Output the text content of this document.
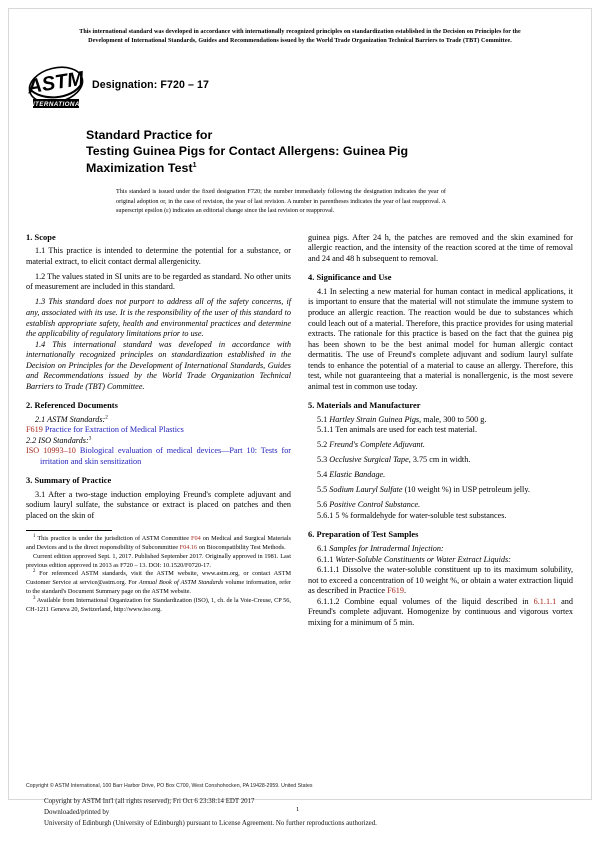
This international standard was developed in accordance with internationally recognized principles on standardization established in the Decision on Principles for the
Development of International Standards, Guides and Recommendations issued by the World Trade Organization Technical Barriers to Trade (TBT) Committee.
ASTM
INTERNATIONAL
Designation: F720 – 17
Standard Practice for
Testing Guinea Pigs for Contact Allergens: Guinea Pig
Maximization Test$^1$
This standard is issued under the fixed designation F720; the number immediately following the designation indicates the year of original adoption or, in the case of revision, the year of last revision. A number in parentheses indicates the year of last reapproval. A superscript epsilon (ε) indicates an editorial change since the last revision or reapproval.
1. Scope

1.1 This practice is intended to determine the potential for a substance, or material extract, to elicit contact dermal allergenicity.

1.2 The values stated in SI units are to be regarded as standard. No other units of measurement are included in this standard.

1.3 This standard does not purport to address all of the safety concerns, if any, associated with its use. It is the responsibility of the user of this standard to establish appropriate safety, health and environmental practices and determine the applicability of regulatory limitations prior to use.

1.4 This international standard was developed in accordance with internationally recognized principles on standardization established in the Decision on Principles for the Development of International Standards, Guides and Recommendations issued by the World Trade Organization Technical Barriers to Trade (TBT) Committee.

2. Referenced Documents

2.1 ASTM Standards:$^2$

F619 Practice for Extraction of Medical Plastics

2.2 ISO Standards:$^3$

ISO 10993–10 Biological evaluation of medical devices—Part 10: Tests for irritation and skin sensitization

3. Summary of Practice

3.1 After a two-stage induction employing Freund's complete adjuvant and sodium lauryl sulfate, the substance or extract is placed on patches and then placed on the skin of

$^1$ This practice is under the jurisdiction of ASTM Committee F04 on Medical and Surgical Materials and Devices and is the direct responsibility of Subcommittee F04.16 on Biocompatibility Test Methods.

Current edition approved Sept. 1, 2017. Published September 2017. Originally approved in 1981. Last previous edition approved in 2013 as F720 – 13. DOI: 10.1520/F0720-17.

$^2$ For referenced ASTM standards, visit the ASTM website, www.astm.org, or contact ASTM Customer Service at service@astm.org. For Annual Book of ASTM Standards volume information, refer to the standard's Document Summary page on the ASTM website.

$^3$ Available from International Organization for Standardization (ISO), 1, ch. de la Voie-Creuse, CP 56, CH-1211 Geneva 20, Switzerland, http://www.iso.org.

guinea pigs. After 24 h, the patches are removed and the skin examined for allergic reaction, and the intensity of the reaction scored at the time of removal and 24 and 48 h subsequent to removal.

4. Significance and Use

4.1 In selecting a new material for human contact in medical applications, it is important to ensure that the material will not stimulate the immune system to produce an allergic reaction. The reaction would be due to substances which could leach out of a material. Therefore, this practice provides for using material extracts. The rationale for this practice is based on the fact that the guinea pig has been shown to be the best animal model for human allergic contact dermatitis. The use of Freund's complete adjuvant and sodium lauryl sulfate tends to enhance the potential of a material to cause an allergy. Therefore, this test, while not guaranteeing that a material is nonallergenic, is the most severe animal test in common use today.

5. Materials and Manufacturer

5.1 Hartley Strain Guinea Pigs, male, 300 to 500 g.

5.1.1 Ten animals are used for each test material.

5.2 Freund's Complete Adjuvant.

5.3 Occlusive Surgical Tape, 3.75 cm in width.

5.4 Elastic Bandage.

5.5 Sodium Lauryl Sulfate (10 weight %) in USP petroleum jelly.

5.6 Positive Control Substance.

5.6.1 5 % formaldehyde for water-soluble test substances.

6. Preparation of Test Samples

6.1 Samples for Intradermal Injection:

6.1.1 Water-Soluble Constituents or Water Extract Liquids:

6.1.1.1 Dissolve the water-soluble constituent up to its maximum solubility, not to exceed a concentration of 10 weight %, or obtain a water extraction liquid as described in Practice F619.

6.1.1.2 Combine equal volumes of the liquid described in 6.1.1.1 and Freund's complete adjuvant. Homogenize by continuous and vigorous vortex mixing for a minimum of 5 min.

Copyright © ASTM International, 100 Barr Harbor Drive, PO Box C700, West Conshohocken, PA 19428-2959. United States
Copyright by ASTM Int'l (all rights reserved); Fri Oct 6 23:38:14 EDT 2017
Downloaded/printed by
University of Edinburgh (University of Edinburgh) pursuant to License Agreement. No further reproductions authorized.
1
